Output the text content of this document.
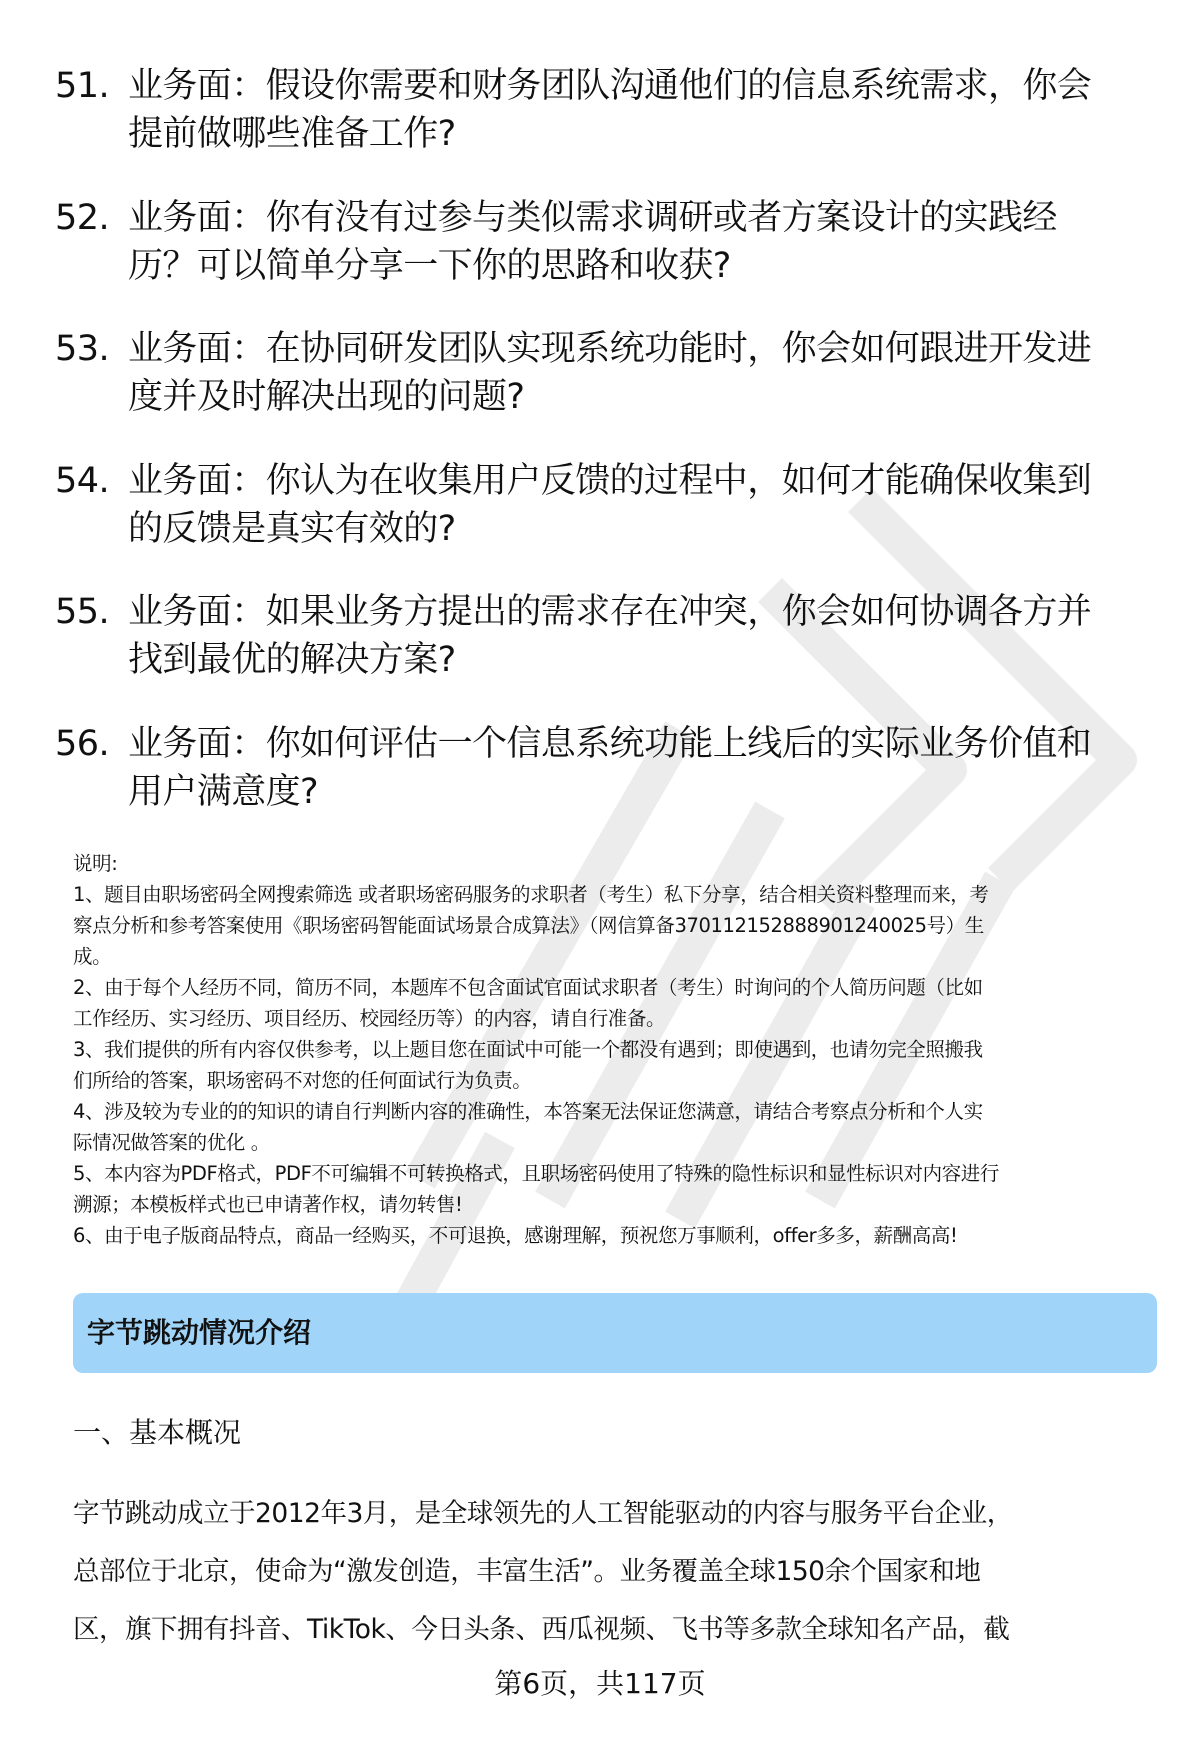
51. 业务面：假设你需要和财务团队沟通他们的信息系统需求，你会
提前做哪些准备工作?
52. 业务面：你有没有过参与类似需求调研或者方案设计的实践经
历？可以简单分享一下你的思路和收获?
53. 业务面：在协同研发团队实现系统功能时，你会如何跟进开发进
度并及时解决出现的问题?
54. 业务面：你认为在收集用户反馈的过程中，如何才能确保收集到
的反馈是真实有效的?
55. 业务面：如果业务方提出的需求存在冲突，你会如何协调各方并
找到最优的解决方案?
56. 业务面：你如何评估一个信息系统功能上线后的实际业务价值和
用户满意度?

说明:

1、题目由职场密码全网搜索筛选 或者职场密码服务的求职者（考生）私下分享，结合相关资料整理而来，考

察点分析和参考答案使用《职场密码智能面试场景合成算法》（网信算备370112152888901240025号）生

成。

2、由于每个人经历不同，简历不同，本题库不包含面试官面试求职者（考生）时询问的个人简历问题（比如

工作经历、实习经历、项目经历、校园经历等）的内容，请自行准备。

3、我们提供的所有内容仅供参考，以上题目您在面试中可能一个都没有遇到；即使遇到，也请勿完全照搬我

们所给的答案，职场密码不对您的任何面试行为负责。

4、涉及较为专业的的知识的请自行判断内容的准确性，本答案无法保证您满意，请结合考察点分析和个人实

际情况做答案的优化 。

5、本内容为PDF格式，PDF不可编辑不可转换格式，且职场密码使用了特殊的隐性标识和显性标识对内容进行

溯源；本模板样式也已申请著作权，请勿转售!

6、由于电子版商品特点，商品一经购买，不可退换，感谢理解，预祝您万事顺利，offer多多，薪酬高高!

字节跳动情况介绍
一、基本概况

字节跳动成立于2012年3月，是全球领先的人工智能驱动的内容与服务平台企业，

总部位于北京，使命为“激发创造，丰富生活”。业务覆盖全球150余个国家和地

区，旗下拥有抖音、TikTok、今日头条、西瓜视频、飞书等多款全球知名产品，截

第6页，共117页
